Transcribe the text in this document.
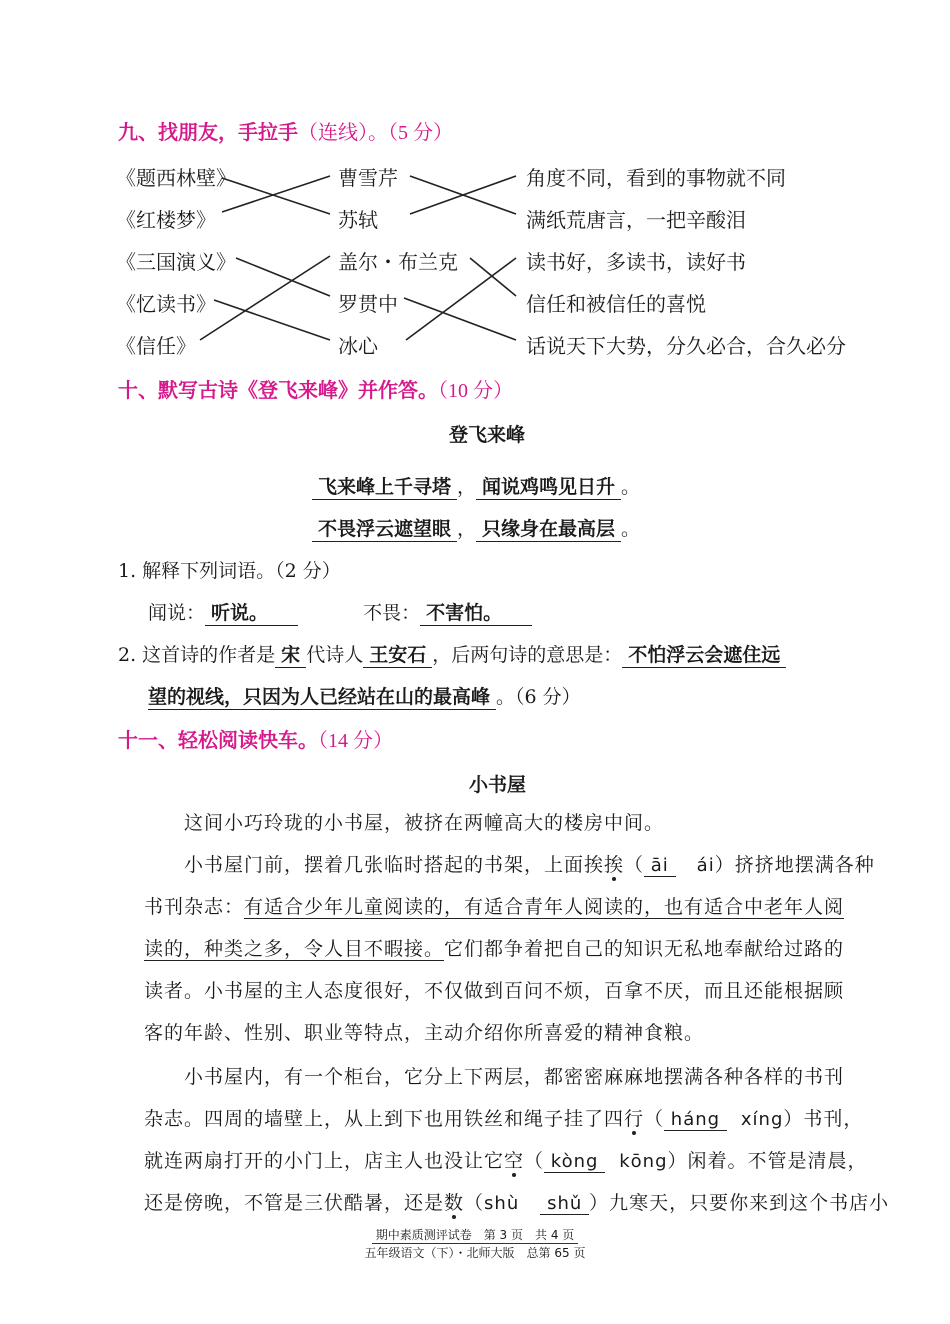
九、找朋友，手拉手（连线）。（5 分）
《题西林壁》
《红楼梦》
《三国演义》
《忆读书》
《信任》
曹雪芹
苏轼
盖尔・布兰克
罗贯中
冰心
角度不同，看到的事物就不同
满纸荒唐言，一把辛酸泪
读书好，多读书，读好书
信任和被信任的喜悦
话说天下大势，分久必合，合久必分
十、默写古诗《登飞来峰》并作答。（10 分）
登飞来峰
飞来峰上千寻塔 ， 闻说鸡鸣见日升 。
不畏浮云遮望眼 ， 只缘身在最高层 。
1. 解释下列词语。（2 分）
闻说： 听说。	不畏： 不害怕。
2. 这首诗的作者是 宋 代诗人 王安石 ，后两句诗的意思是： 不怕浮云会遮住远
望的视线，只因为人已经站在山的最高峰 。（6 分）
十一、轻松阅读快车。（14 分）
小书屋
这间小巧玲珑的小书屋，被挤在两幢高大的楼房中间。
小书屋门前，摆着几张临时搭起的书架，上面挨挨（ āi ái）挤挤地摆满各种
书刊杂志：有适合少年儿童阅读的，有适合青年人阅读的，也有适合中老年人阅
读的，种类之多，令人目不暇接。它们都争着把自己的知识无私地奉献给过路的
读者。小书屋的主人态度很好，不仅做到百问不烦，百拿不厌，而且还能根据顾
客的年龄、性别、职业等特点，主动介绍你所喜爱的精神食粮。
小书屋内，有一个柜台，它分上下两层，都密密麻麻地摆满各种各样的书刊
杂志。四周的墙壁上，从上到下也用铁丝和绳子挂了四行（ háng xíng）书刊，
就连两扇打开的小门上，店主人也没让它空（ kòng kōng）闲着。不管是清晨，
还是傍晚，不管是三伏酷暑，还是数（shù shǔ ）九寒天，只要你来到这个书店小
期中素质测评试卷　第 3 页　共 4 页
五年级语文（下）・北师大版　总第 65 页
